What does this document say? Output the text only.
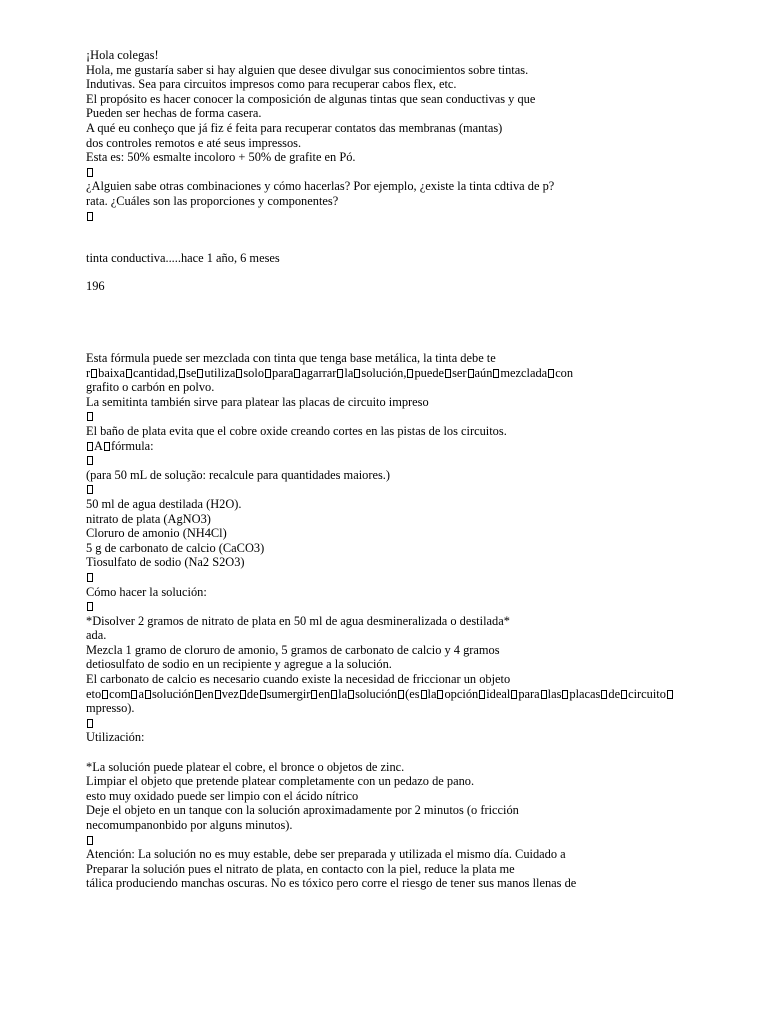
¡Hola colegas!
Hola, me gustaría saber si hay alguien que desee divulgar sus conocimientos sobre tintas.
Indutivas. Sea para circuitos impresos como para recuperar cabos flex, etc.
El propósito es hacer conocer la composición de algunas tintas que sean conductivas y que
Pueden ser hechas de forma casera.
A qué eu conheço que já fiz é feita para recuperar contatos das membranas (mantas)
dos controles remotos e até seus impressos.
Esta es: 50% esmalte incoloro + 50% de grafite en Pó.
¿Alguien sabe otras combinaciones y cómo hacerlas? Por ejemplo, ¿existe la tinta cdtiva de p?
rata. ¿Cuáles son las proporciones y componentes?
tinta conductiva.....hace 1 año, 6 meses
196
Esta fórmula puede ser mezclada con tinta que tenga base metálica, la tinta debe te
r baixa cantidad, se utiliza solo para agarrar la solución, puede ser aún mezclada con
grafito o carbón en polvo.
La semitinta también sirve para platear las placas de circuito impreso
El baño de plata evita que el cobre oxide creando cortes en las pistas de los circuitos.
A fórmula:
(para 50 mL de solução: recalcule para quantidades maiores.)
50 ml de agua destilada (H2O).
nitrato de plata (AgNO3)
Cloruro de amonio (NH4Cl)
5 g de carbonato de calcio (CaCO3)
Tiosulfato de sodio (Na2 S2O3)
Cómo hacer la solución:
*Disolver 2 gramos de nitrato de plata en 50 ml de agua desmineralizada o destilada*
ada.
Mezcla 1 gramo de cloruro de amonio, 5 gramos de carbonato de calcio y 4 gramos
detiosulfato de sodio en un recipiente y agregue a la solución.
El carbonato de calcio es necesario cuando existe la necesidad de friccionar un objeto
eto com a solución en vez de sumergir en la solución (es la opción ideal para las placas de circuito
mpresso).
Utilización:
*La solución puede platear el cobre, el bronce o objetos de zinc.
Limpiar el objeto que pretende platear completamente con un pedazo de pano.
esto muy oxidado puede ser limpio con el ácido nítrico
Deje el objeto en un tanque con la solución aproximadamente por 2 minutos (o fricción
necomumpanonbido por alguns minutos).
Atención: La solución no es muy estable, debe ser preparada y utilizada el mismo día. Cuidado a
Preparar la solución pues el nitrato de plata, en contacto con la piel, reduce la plata me
tálica produciendo manchas oscuras. No es tóxico pero corre el riesgo de tener sus manos llenas de
